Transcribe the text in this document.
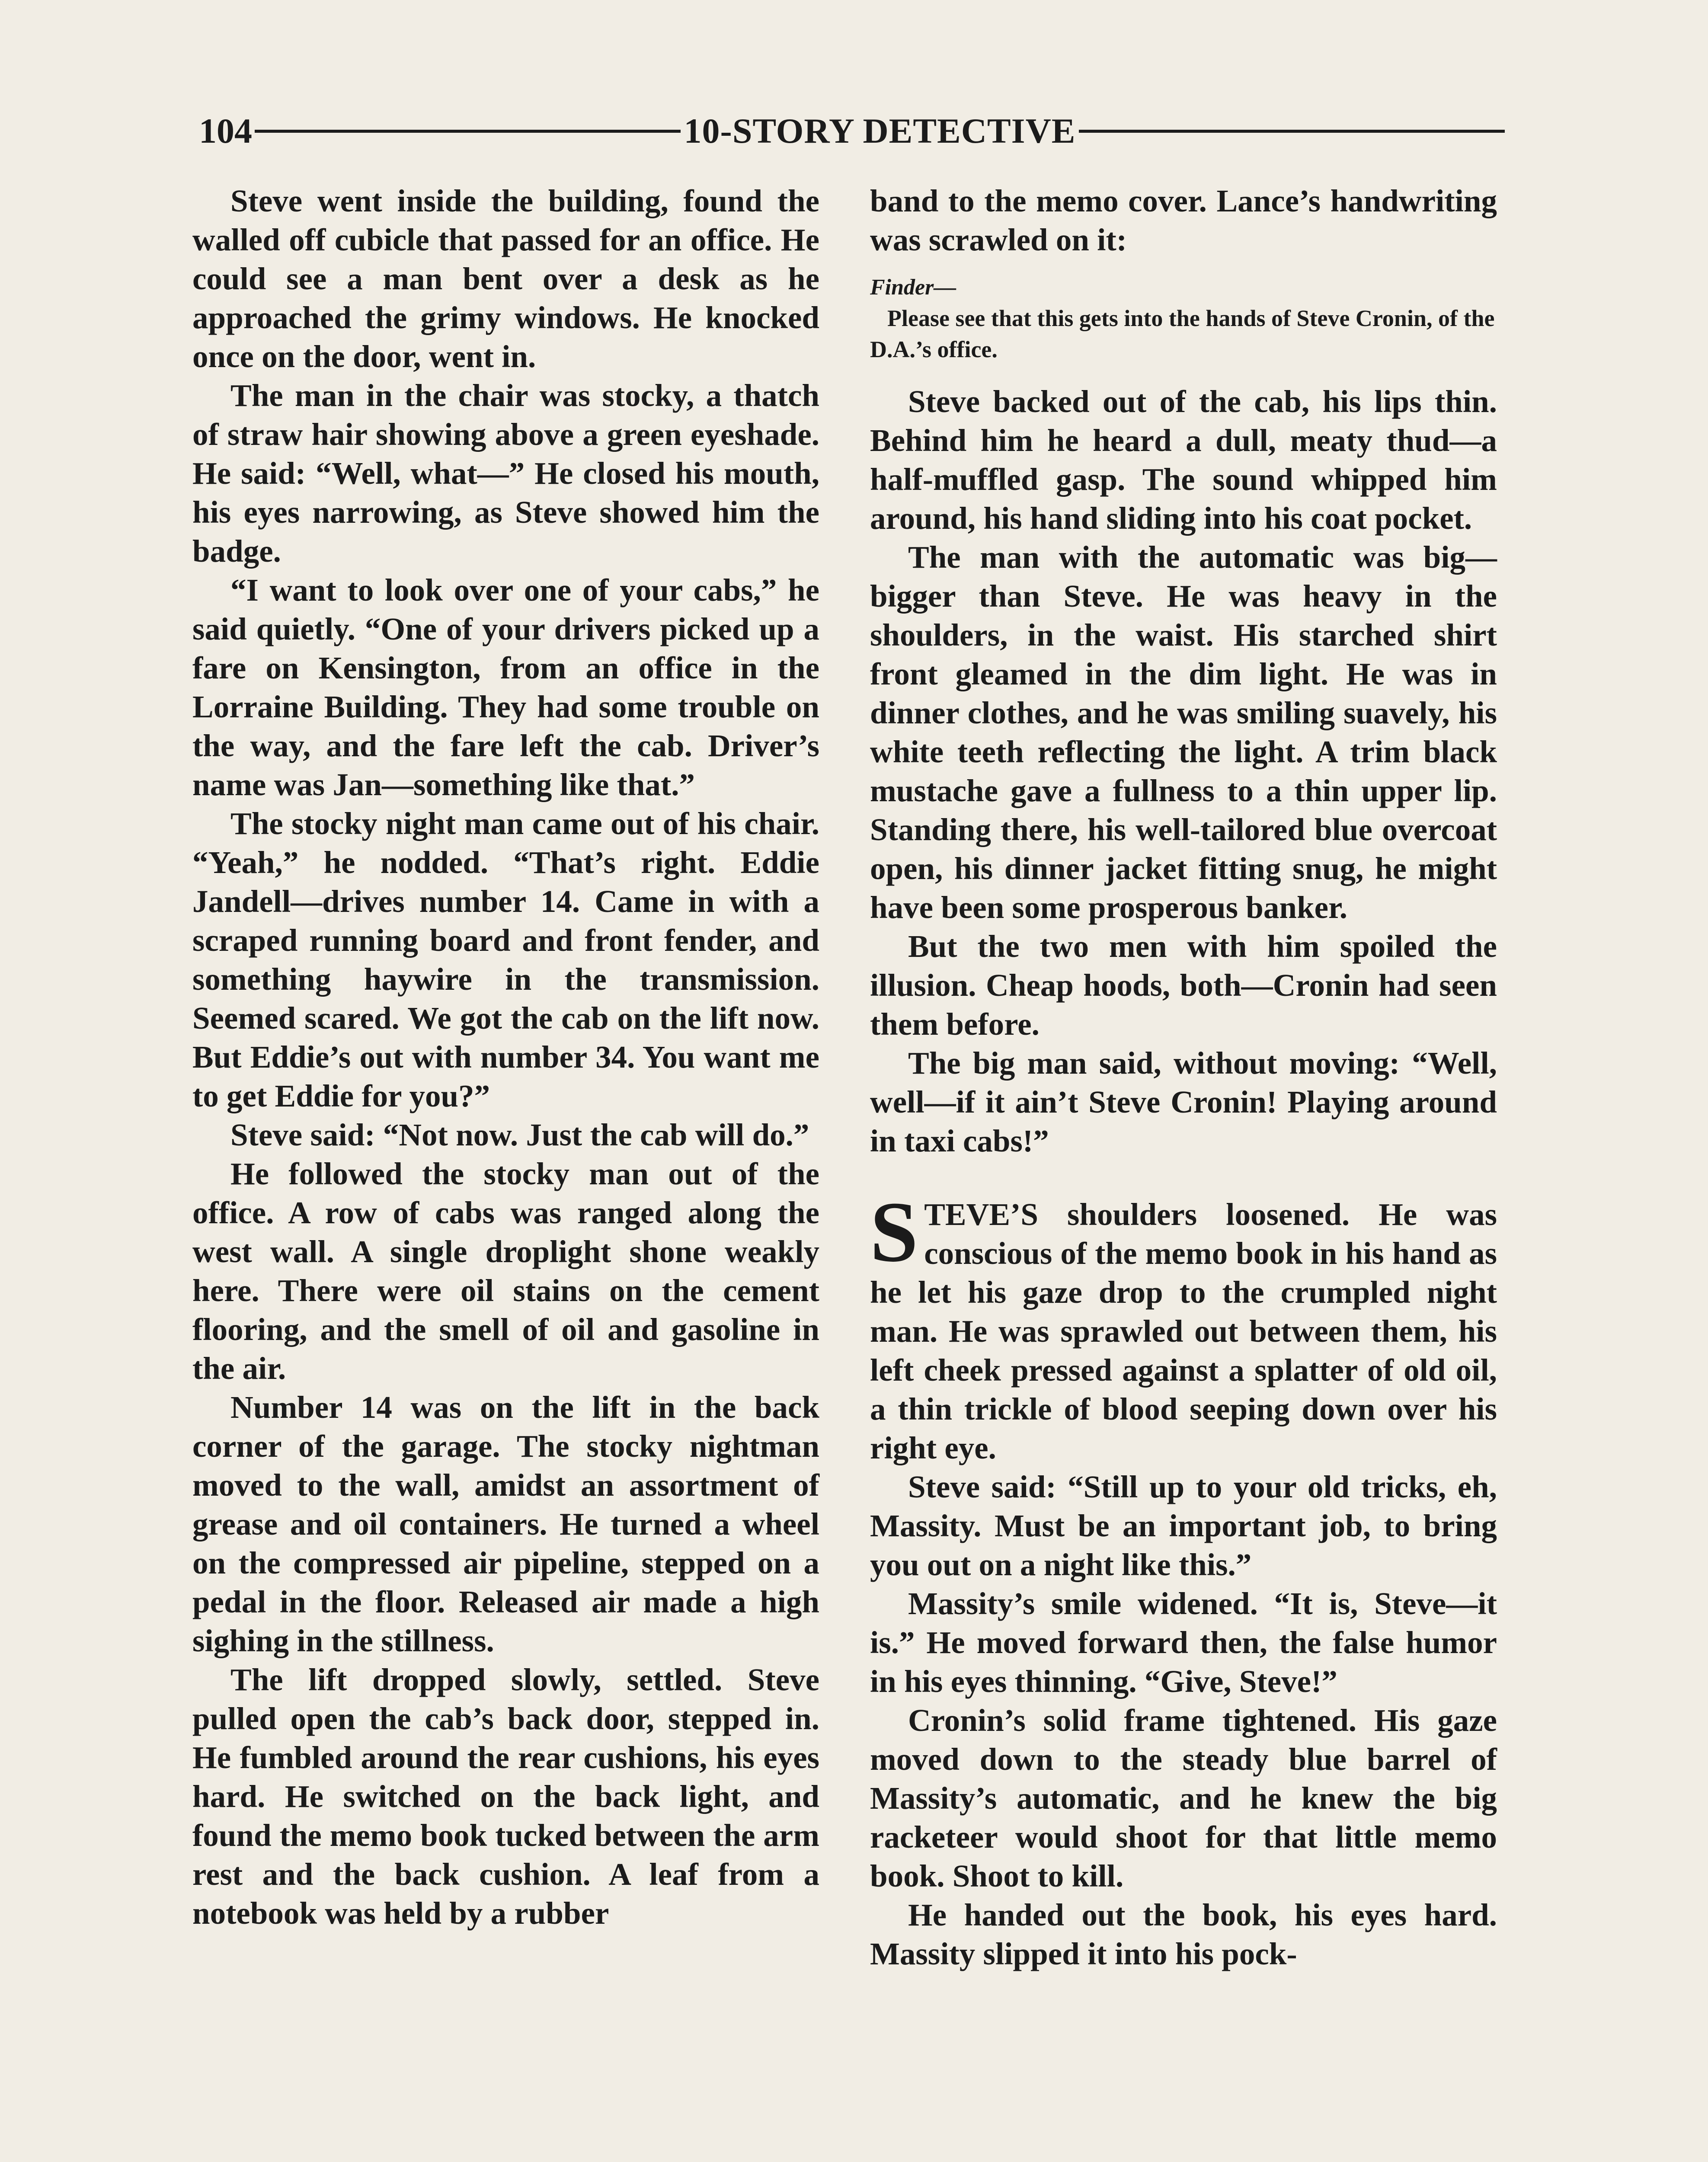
104	10-STORY DETECTIVE

Steve went inside the building, found the walled off cubicle that passed for an office. He could see a man bent over a desk as he approached the grimy windows. He knocked once on the door, went in.

The man in the chair was stocky, a thatch of straw hair showing above a green eyeshade. He said: “Well, what—” He closed his mouth, his eyes narrowing, as Steve showed him the badge.

“I want to look over one of your cabs,” he said quietly. “One of your drivers picked up a fare on Kensington, from an office in the Lorraine Building. They had some trouble on the way, and the fare left the cab. Driver’s name was Jan—something like that.”

The stocky night man came out of his chair. “Yeah,” he nodded. “That’s right. Eddie Jandell—drives number 14. Came in with a scraped running board and front fender, and something haywire in the transmission. Seemed scared. We got the cab on the lift now. But Eddie’s out with number 34. You want me to get Eddie for you?”

Steve said: “Not now. Just the cab will do.”

He followed the stocky man out of the office. A row of cabs was ranged along the west wall. A single droplight shone weakly here. There were oil stains on the cement flooring, and the smell of oil and gasoline in the air.

Number 14 was on the lift in the back corner of the garage. The stocky nightman moved to the wall, amidst an assortment of grease and oil containers. He turned a wheel on the compressed air pipeline, stepped on a pedal in the floor. Released air made a high sighing in the stillness.

The lift dropped slowly, settled. Steve pulled open the cab’s back door, stepped in. He fumbled around the rear cushions, his eyes hard. He switched on the back light, and found the memo book tucked between the arm rest and the back cushion. A leaf from a notebook was held by a rubber

band to the memo cover. Lance’s handwriting was scrawled on it:

Finder—
Please see that this gets into the hands of Steve Cronin, of the D.A.’s office.

Steve backed out of the cab, his lips thin. Behind him he heard a dull, meaty thud—a half-muffled gasp. The sound whipped him around, his hand sliding into his coat pocket.

The man with the automatic was big—bigger than Steve. He was heavy in the shoulders, in the waist. His starched shirt front gleamed in the dim light. He was in dinner clothes, and he was smiling suavely, his white teeth reflecting the light. A trim black mustache gave a fullness to a thin upper lip. Standing there, his well-tailored blue overcoat open, his dinner jacket fitting snug, he might have been some prosperous banker.

But the two men with him spoiled the illusion. Cheap hoods, both—Cronin had seen them before.

The big man said, without moving: “Well, well—if it ain’t Steve Cronin! Playing around in taxi cabs!”

STEVE’S shoulders loosened. He was conscious of the memo book in his hand as he let his gaze drop to the crumpled night man. He was sprawled out between them, his left cheek pressed against a splatter of old oil, a thin trickle of blood seeping down over his right eye.

Steve said: “Still up to your old tricks, eh, Massity. Must be an important job, to bring you out on a night like this.”

Massity’s smile widened. “It is, Steve—it is.” He moved forward then, the false humor in his eyes thinning. “Give, Steve!”

Cronin’s solid frame tightened. His gaze moved down to the steady blue barrel of Massity’s automatic, and he knew the big racketeer would shoot for that little memo book. Shoot to kill.

He handed out the book, his eyes hard. Massity slipped it into his pock-
